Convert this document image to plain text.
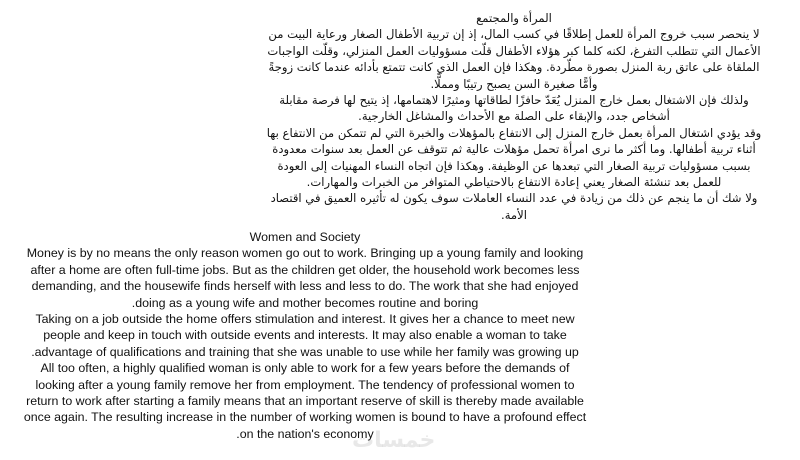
المرأة والمجتمع

لا ينحصر سبب خروج المرأة للعمل إطلاقًا في كسب المال، إذ إن تربية الأطفال الصغار ورعاية البيت من الأعمال التي تتطلب التفرغ، لكنه كلما كبر هؤلاء الأطفال قلّت مسؤوليات العمل المنزلي، وقلّت الواجبات الملقاة على عاتق ربة المنزل بصورة مطّردة. وهكذا فإن العمل الذي كانت تتمتع بأدائه عندما كانت زوجةً وأمًّا صغيرة السن يصبح رتيبًا ومملًّا.

ولذلك فإن الاشتغال بعمل خارج المنزل يُعَدّ حافزًا لطاقاتها ومثيرًا لاهتمامها، إذ يتيح لها فرصة مقابلة أشخاص جدد، والإبقاء على الصلة مع الأحداث والمشاغل الخارجية.

وقد يؤدي اشتغال المرأة بعمل خارج المنزل إلى الانتفاع بالمؤهلات والخبرة التي لم تتمكن من الانتفاع بها أثناء تربية أطفالها. وما أكثر ما نرى امرأة تحمل مؤهلات عالية ثم تتوقف عن العمل بعد سنوات معدودة بسبب مسؤوليات تربية الصغار التي تبعدها عن الوظيفة. وهكذا فإن اتجاه النساء المهنيات إلى العودة للعمل بعد تنشئة الصغار يعني إعادة الانتفاع بالاحتياطي المتوافر من الخبرات والمهارات.

ولا شك أن ما ينجم عن ذلك من زيادة في عدد النساء العاملات سوف يكون له تأثيره العميق في اقتصاد الأمة.

Women and Society

Money is by no means the only reason women go out to work. Bringing up a young family and looking after a home are often full-time jobs. But as the children get older, the household work becomes less demanding, and the housewife finds herself with less and less to do. The work that she had enjoyed doing as a young wife and mother becomes routine and boring.

Taking on a job outside the home offers stimulation and interest. It gives her a chance to meet new people and keep in touch with outside events and interests. It may also enable a woman to take advantage of qualifications and training that she was unable to use while her family was growing up.

All too often, a highly qualified woman is only able to work for a few years before the demands of looking after a young family remove her from employment. The tendency of professional women to return to work after starting a family means that an important reserve of skill is thereby made available once again. The resulting increase in the number of working women is bound to have a profound effect on the nation's economy.

خمسات
